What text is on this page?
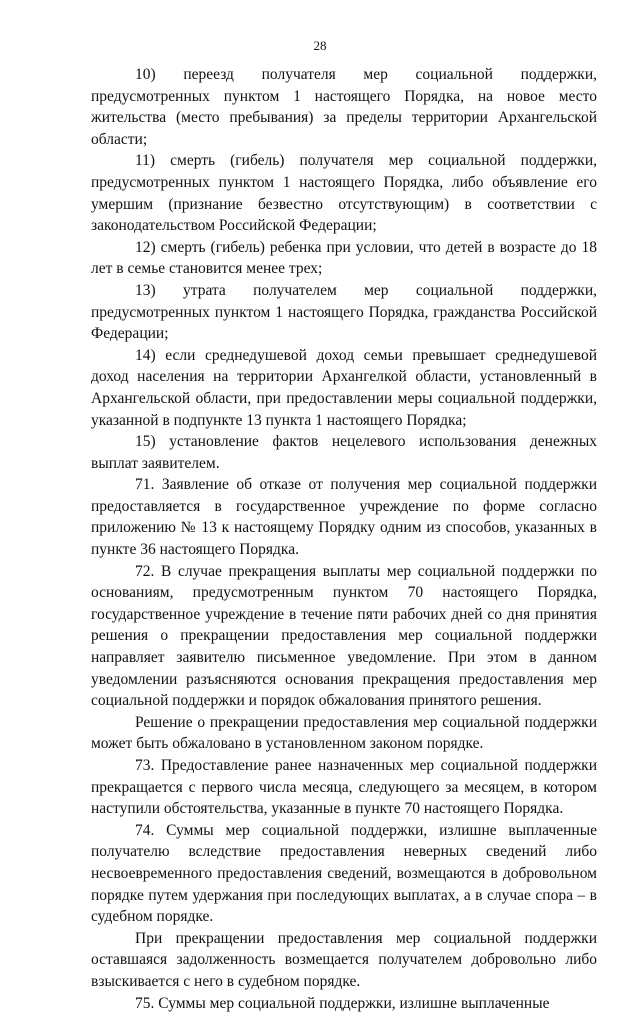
28

10) переезд получателя мер социальной поддержки, предусмотренных пунктом 1 настоящего Порядка, на новое место жительства (место пребывания) за пределы территории Архангельской области;

11) смерть (гибель) получателя мер социальной поддержки, предусмотренных пунктом 1 настоящего Порядка, либо объявление его умершим (признание безвестно отсутствующим) в соответствии с законодательством Российской Федерации;

12) смерть (гибель) ребенка при условии, что детей в возрасте до 18 лет в семье становится менее трех;

13) утрата получателем мер социальной поддержки, предусмотренных пунктом 1 настоящего Порядка, гражданства Российской Федерации;

14) если среднедушевой доход семьи превышает среднедушевой доход населения на территории Архангелкой области, установленный в Архангельской области, при предоставлении меры социальной поддержки, указанной в подпункте 13 пункта 1 настоящего Порядка;

15) установление фактов нецелевого использования денежных выплат заявителем.

71. Заявление об отказе от получения мер социальной поддержки предоставляется в государственное учреждение по форме согласно приложению № 13 к настоящему Порядку одним из способов, указанных в пункте 36 настоящего Порядка.

72. В случае прекращения выплаты мер социальной поддержки по основаниям, предусмотренным пунктом 70 настоящего Порядка, государственное учреждение в течение пяти рабочих дней со дня принятия решения о прекращении предоставления мер социальной поддержки направляет заявителю письменное уведомление. При этом в данном уведомлении разъясняются основания прекращения предоставления мер социальной поддержки и порядок обжалования принятого решения.

Решение о прекращении предоставления мер социальной поддержки может быть обжаловано в установленном законом порядке.

73. Предоставление ранее назначенных мер социальной поддержки прекращается с первого числа месяца, следующего за месяцем, в котором наступили обстоятельства, указанные в пункте 70 настоящего Порядка.

74. Суммы мер социальной поддержки, излишне выплаченные получателю вследствие предоставления неверных сведений либо несвоевременного предоставления сведений, возмещаются в добровольном порядке путем удержания при последующих выплатах, а в случае спора – в судебном порядке.

При прекращении предоставления мер социальной поддержки оставшаяся задолженность возмещается получателем добровольно либо взыскивается с него в судебном порядке.

75. Суммы мер социальной поддержки, излишне выплаченные
